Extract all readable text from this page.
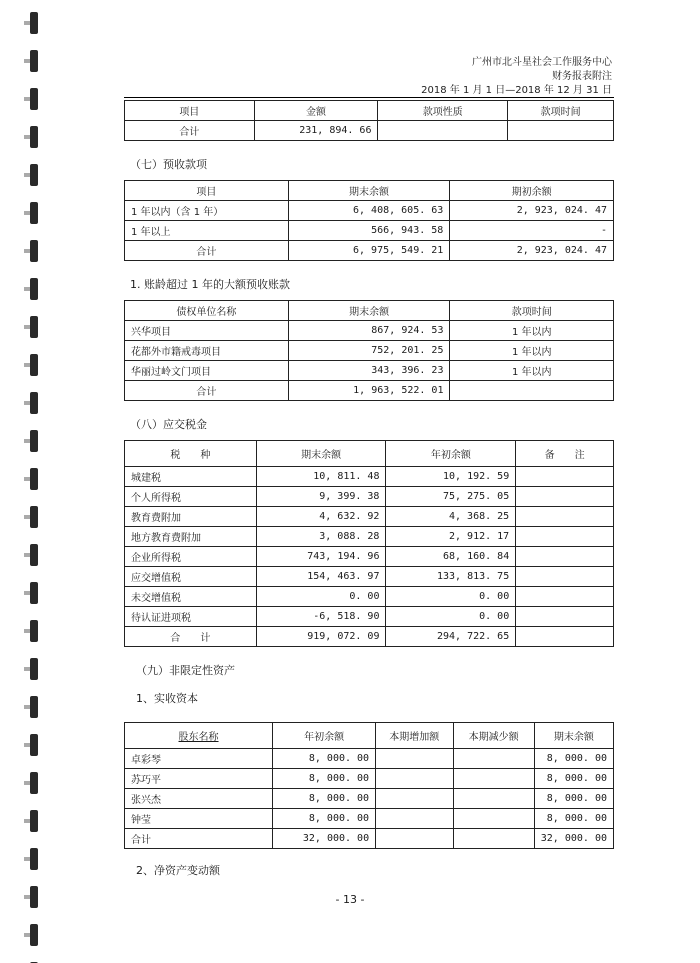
广州市北斗星社会工作服务中心
财务报表附注
2018 年 1 月 1 日—2018 年 12 月 31 日
项目	金额	款项性质	款项时间
合计	231, 894. 66		
（七）预收款项
项目	期末余额	期初余额
1 年以内（含 1 年）	6, 408, 605. 63	2, 923, 024. 47
1 年以上	566, 943. 58	-
合计	6, 975, 549. 21	2, 923, 024. 47
1. 账龄超过 1 年的大额预收账款
债权单位名称	期末余额	款项时间
兴华项目	867, 924. 53	1 年以内
花都外市籍戒毒项目	752, 201. 25	1 年以内
华丽过岭文门项目	343, 396. 23	1 年以内
合计	1, 963, 522. 01	
（八）应交税金
税　　种	期末余额	年初余额	备　　注
城建税	10, 811. 48	10, 192. 59	
个人所得税	9, 399. 38	75, 275. 05	
教育费附加	4, 632. 92	4, 368. 25	
地方教育费附加	3, 088. 28	2, 912. 17	
企业所得税	743, 194. 96	68, 160. 84	
应交增值税	154, 463. 97	133, 813. 75	
未交增值税	0. 00	0. 00	
待认证进项税	-6, 518. 90	0. 00	
合　　计	919, 072. 09	294, 722. 65	
（九）非限定性资产
1、实收资本
股东名称	年初余额	本期增加额	本期减少额	期末余额
卓彩琴	8, 000. 00			8, 000. 00
苏巧平	8, 000. 00			8, 000. 00
张兴杰	8, 000. 00			8, 000. 00
钟莹	8, 000. 00			8, 000. 00
合计	32, 000. 00			32, 000. 00
2、净资产变动额
- 13 -
